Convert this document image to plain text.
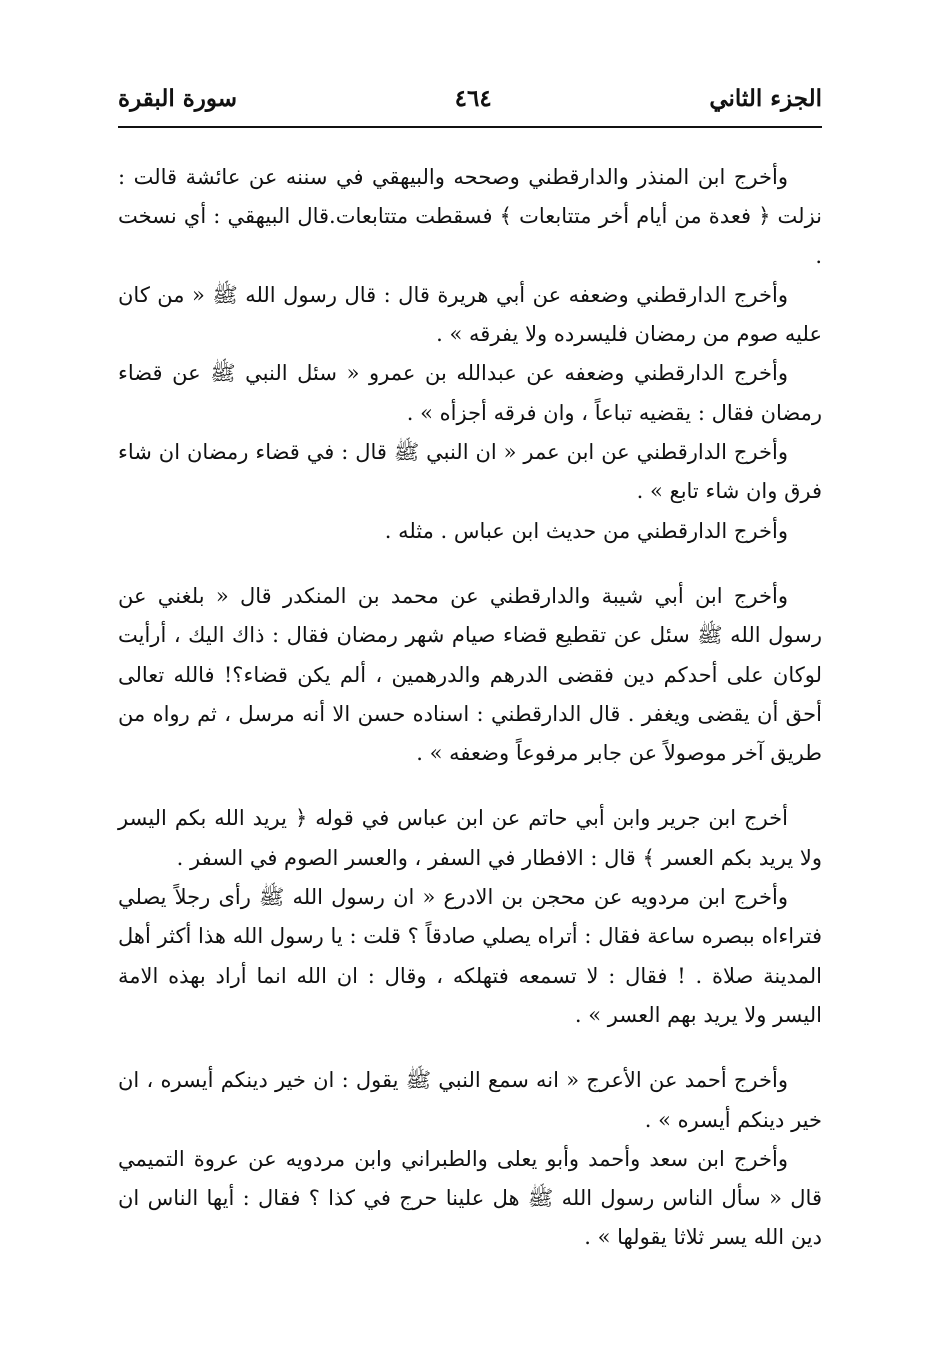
الجزء الثاني
٤٦٤
سورة البقرة

وأخرج ابن المنذر والدارقطني وصححه والبيهقي في سننه عن عائشة قالت : نزلت ﴿ فعدة من أيام أخر متتابعات ﴾ فسقطت متتابعات.قال البيهقي : أي نسخت .

وأخرج الدارقطني وضعفه عن أبي هريرة قال : قال رسول الله ﷺ « من كان عليه صوم من رمضان فليسرده ولا يفرقه » .

وأخرج الدارقطني وضعفه عن عبدالله بن عمرو « سئل النبي ﷺ عن قضاء رمضان فقال : يقضيه تباعاً ، وان فرقه أجزأه » .

وأخرج الدارقطني عن ابن عمر « ان النبي ﷺ قال : في قضاء رمضان ان شاء فرق وان شاء تابع » .

وأخرج الدارقطني من حديث ابن عباس . مثله .

وأخرج ابن أبي شيبة والدارقطني عن محمد بن المنكدر قال « بلغني عن رسول الله ﷺ سئل عن تقطيع قضاء صيام شهر رمضان فقال : ذاك اليك ، أرأيت لوكان على أحدكم دين فقضى الدرهم والدرهمين ، ألم يكن قضاء؟! فالله تعالى أحق أن يقضى ويغفر . قال الدارقطني : اسناده حسن الا أنه مرسل ، ثم رواه من طريق آخر موصولاً عن جابر مرفوعاً وضعفه » .

أخرج ابن جرير وابن أبي حاتم عن ابن عباس في قوله ﴿ يريد الله بكم اليسر ولا يريد بكم العسر ﴾ قال : الافطار في السفر ، والعسر الصوم في السفر .

وأخرج ابن مردويه عن محجن بن الادرع « ان رسول الله ﷺ رأى رجلاً يصلي فتراءاه ببصره ساعة فقال : أتراه يصلي صادقاً ؟ قلت : يا رسول الله هذا أكثر أهل المدينة صلاة . ! فقال : لا تسمعه فتهلكه ، وقال : ان الله انما أراد بهذه الامة اليسر ولا يريد بهم العسر » .

وأخرج أحمد عن الأعرج « انه سمع النبي ﷺ يقول : ان خير دينكم أيسره ، ان خير دينكم أيسره » .

وأخرج ابن سعد وأحمد وأبو يعلى والطبراني وابن مردويه عن عروة التميمي قال « سأل الناس رسول الله ﷺ هل علينا حرج في كذا ؟ فقال : أيها الناس ان دين الله يسر ثلاثا يقولها » .
